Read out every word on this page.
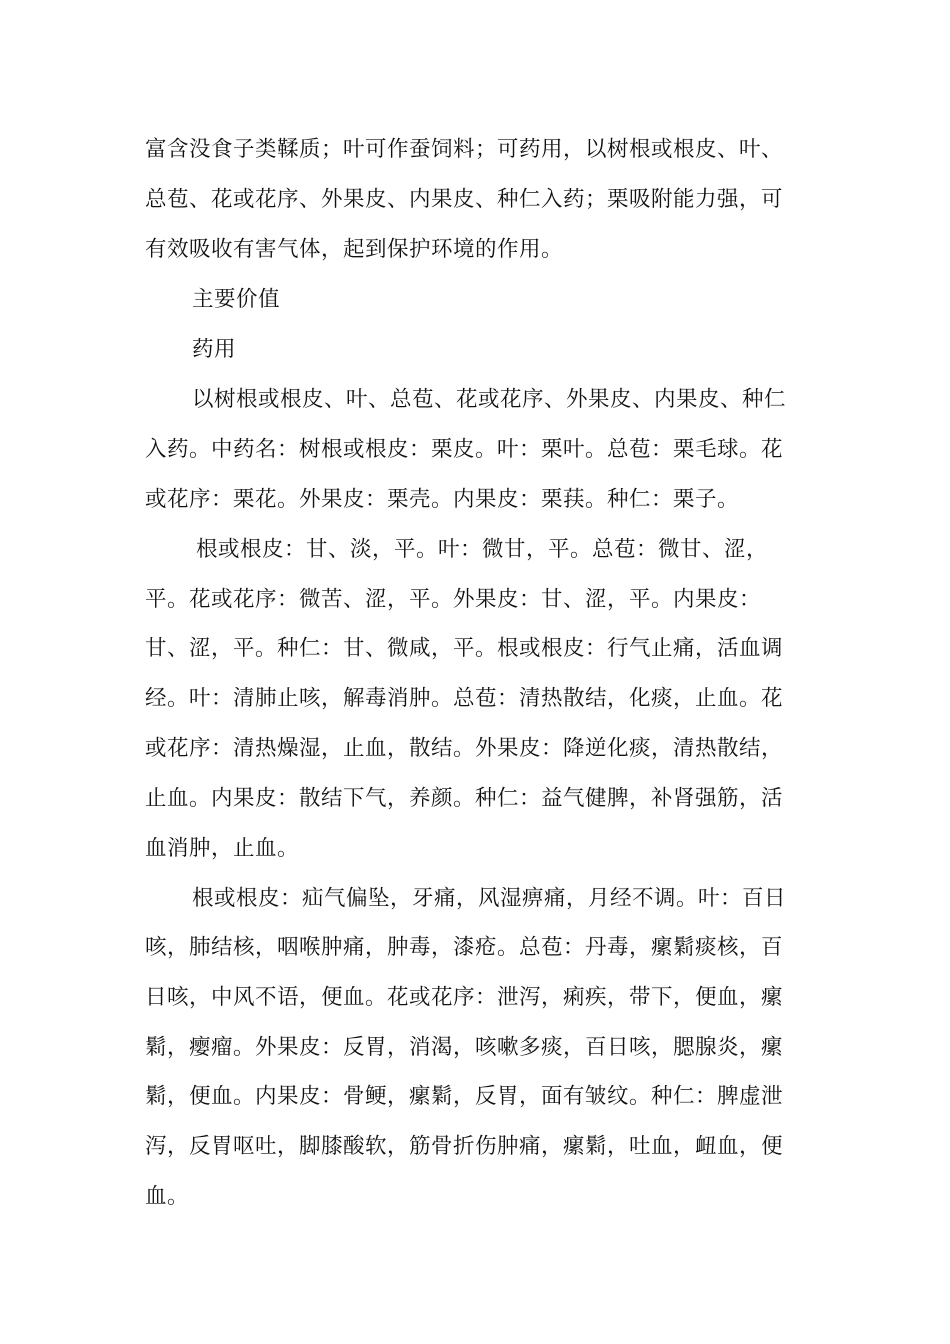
富含没食子类鞣质；叶可作蚕饲料；可药用，以树根或根皮、叶、
总苞、花或花序、外果皮、内果皮、种仁入药；栗吸附能力强，可
有效吸收有害气体，起到保护环境的作用。
主要价值
药用
以树根或根皮、叶、总苞、花或花序、外果皮、内果皮、种仁
入药。中药名：树根或根皮：栗皮。叶：栗叶。总苞：栗毛球。花
或花序：栗花。外果皮：栗壳。内果皮：栗荴。种仁：栗子。
根或根皮：甘、淡，平。叶：微甘，平。总苞：微甘、涩，
平。花或花序：微苦、涩，平。外果皮：甘、涩，平。内果皮：
甘、涩，平。种仁：甘、微咸，平。根或根皮：行气止痛，活血调
经。叶：清肺止咳，解毒消肿。总苞：清热散结，化痰，止血。花
或花序：清热燥湿，止血，散结。外果皮：降逆化痰，清热散结，
止血。内果皮：散结下气，养颜。种仁：益气健脾，补肾强筋，活
血消肿，止血。
根或根皮：疝气偏坠，牙痛，风湿痹痛，月经不调。叶：百日
咳，肺结核，咽喉肿痛，肿毒，漆疮。总苞：丹毒，瘰鬁痰核，百
日咳，中风不语，便血。花或花序：泄泻，痢疾，带下，便血，瘰
鬁，瘿瘤。外果皮：反胃，消渴，咳嗽多痰，百日咳，腮腺炎，瘰
鬁，便血。内果皮：骨鲠，瘰鬁，反胃，面有皱纹。种仁：脾虚泄
泻，反胃呕吐，脚膝酸软，筋骨折伤肿痛，瘰鬁，吐血，衄血，便
血。
